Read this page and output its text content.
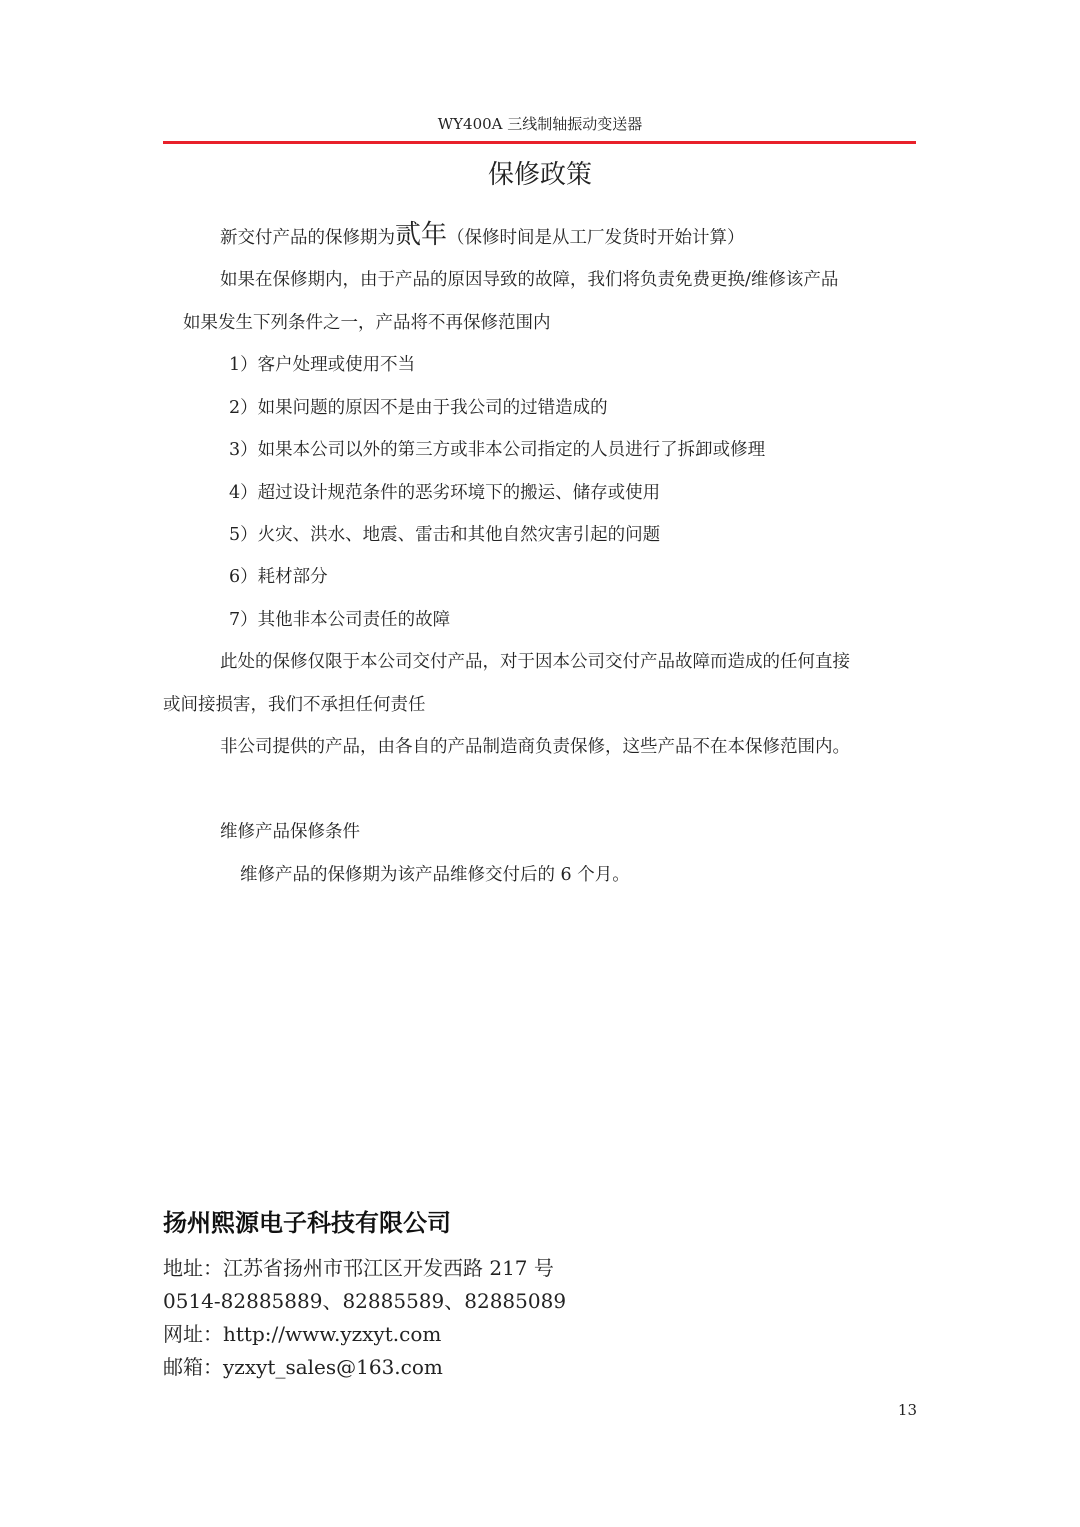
WY400A 三线制轴振动变送器
保修政策
新交付产品的保修期为贰年（保修时间是从工厂发货时开始计算）
如果在保修期内，由于产品的原因导致的故障，我们将负责免费更换/维修该产品
如果发生下列条件之一，产品将不再保修范围内
1）客户处理或使用不当
2）如果问题的原因不是由于我公司的过错造成的
3）如果本公司以外的第三方或非本公司指定的人员进行了拆卸或修理
4）超过设计规范条件的恶劣环境下的搬运、储存或使用
5）火灾、洪水、地震、雷击和其他自然灾害引起的问题
6）耗材部分
7）其他非本公司责任的故障
此处的保修仅限于本公司交付产品，对于因本公司交付产品故障而造成的任何直接
或间接损害，我们不承担任何责任
非公司提供的产品，由各自的产品制造商负责保修，这些产品不在本保修范围内。
维修产品保修条件
维修产品的保修期为该产品维修交付后的 6 个月。
扬州熙源电子科技有限公司
地址：江苏省扬州市邗江区开发西路 217 号
0514-82885889、82885589、82885089
网址：http://www.yzxyt.com
邮箱：yzxyt_sales@163.com
13
